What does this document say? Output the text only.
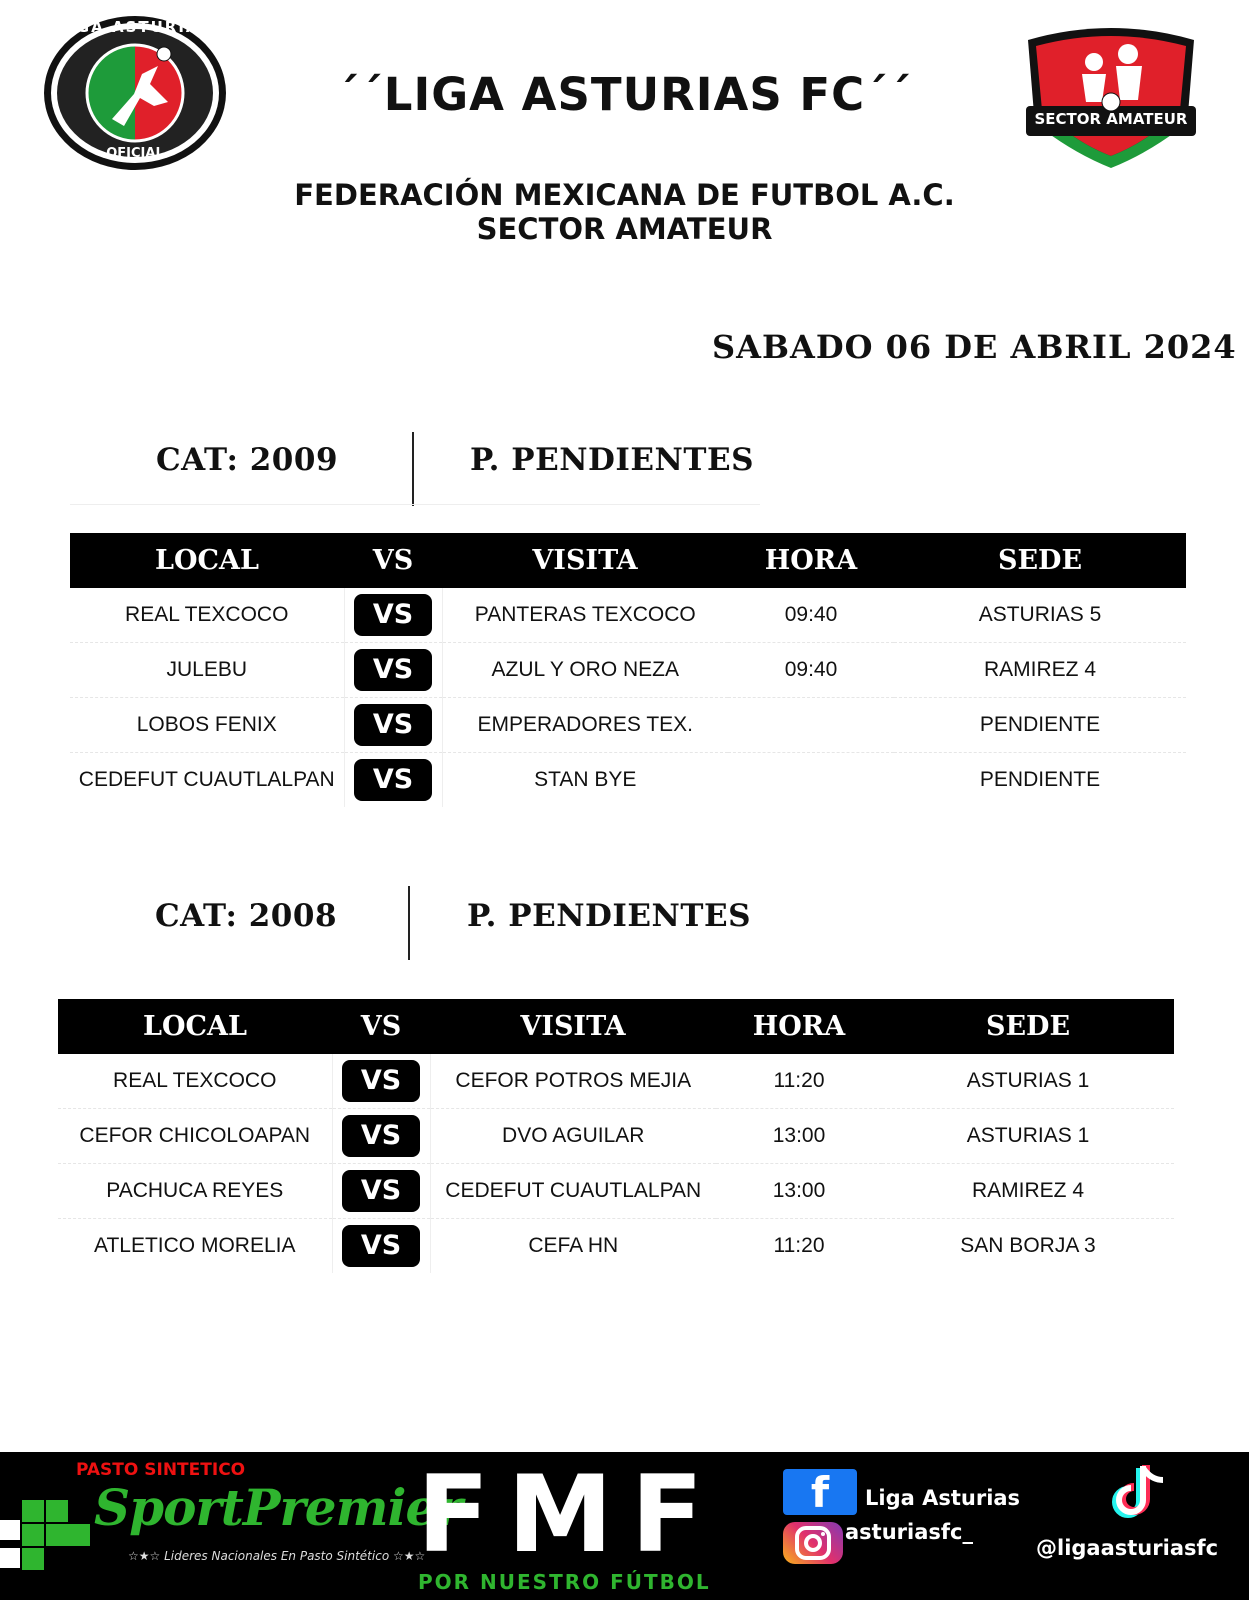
LIGA ASTURIAS
OFICIAL
SECTOR AMATEUR
´´LIGA ASTURIAS FC´´
FEDERACIÓN MEXICANA DE FUTBOL A.C.
SECTOR AMATEUR
SABADO 06 DE ABRIL 2024
CAT: 2009	P. PENDIENTES
LOCAL	VS	VISITA	HORA	SEDE
REAL TEXCOCO	VS	PANTERAS TEXCOCO	09:40	ASTURIAS 5
JULEBU	VS	AZUL Y ORO NEZA	09:40	RAMIREZ 4
LOBOS FENIX	VS	EMPERADORES TEX.		PENDIENTE
CEDEFUT CUAUTLALPAN	VS	STAN BYE		PENDIENTE
CAT: 2008	P. PENDIENTES
LOCAL	VS	VISITA	HORA	SEDE
REAL TEXCOCO	VS	CEFOR POTROS MEJIA	11:20	ASTURIAS 1
CEFOR CHICOLOAPAN	VS	DVO AGUILAR	13:00	ASTURIAS 1
PACHUCA REYES	VS	CEDEFUT CUAUTLALPAN	13:00	RAMIREZ 4
ATLETICO MORELIA	VS	CEFA HN	11:20	SAN BORJA 3
PASTO SINTETICO
SportPremier
☆★☆ Lideres Nacionales En Pasto Sintético ☆★☆
FMF
POR NUESTRO FÚTBOL
f	Liga Asturias
asturiasfc_
@ligaasturiasfc
